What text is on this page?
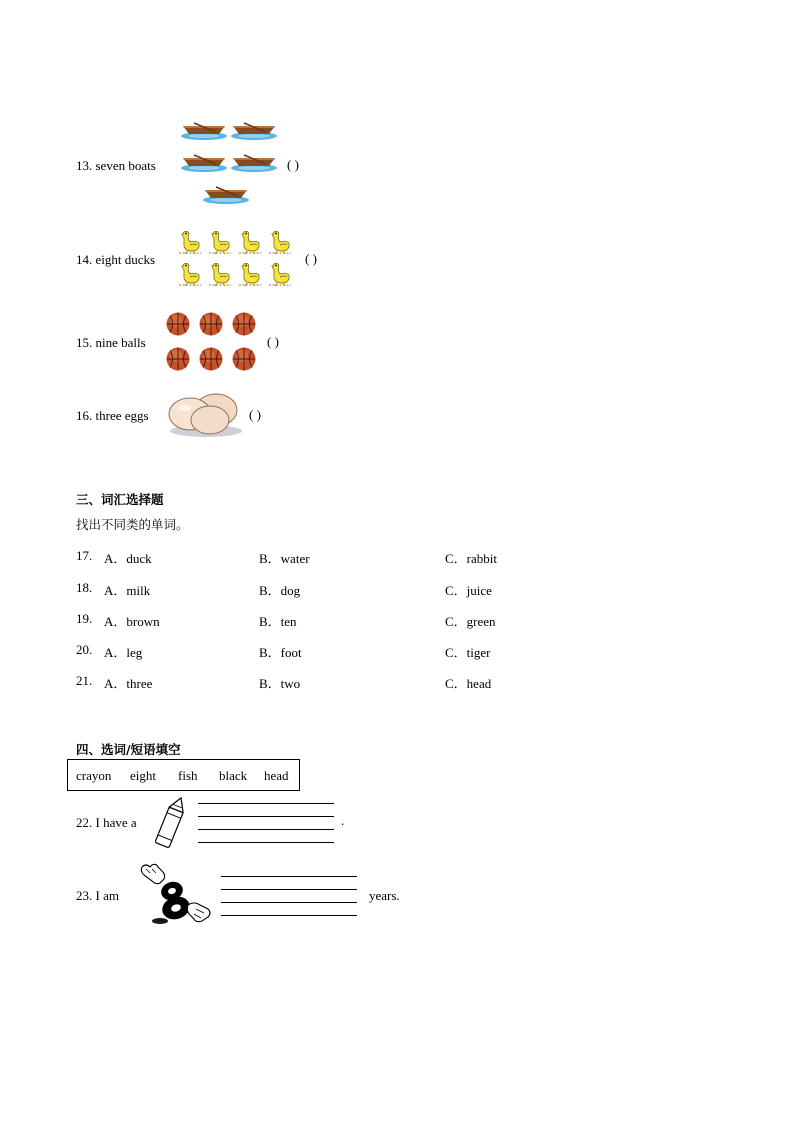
13. seven boats	( )
14. eight ducks	( )
15. nine balls	( )
16. three eggs	( )
三、词汇选择题
找出不同类的单词。
17. A．duck	B．water	C．rabbit
18. A．milk	B．dog	C．juice
19. A．brown	B．ten	C．green
20. A．leg	B．foot	C．tiger
21. A．three	B．two	C．head
四、选词/短语填空
crayon eight fish black head
22. I have a	.
23. I am	years.
